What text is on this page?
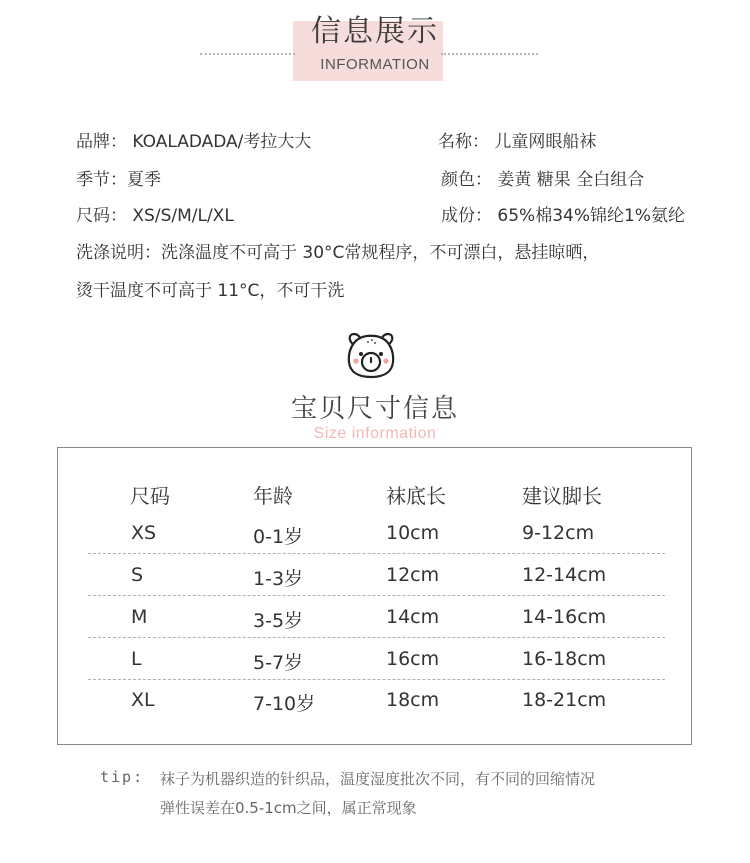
信息展示
INFORMATION
品牌： KOALADADA/考拉大大	名称： 儿童网眼船袜
季节：夏季	颜色： 姜黄 糖果 全白组合
尺码： XS/S/M/L/XL	成份： 65%棉34%锦纶1%氨纶
洗涤说明：洗涤温度不可高于 30°C常规程序，不可漂白，悬挂晾晒，
烫干温度不可高于 11°C，不可干洗
宝贝尺寸信息
Size information
尺码	年龄	袜底长	建议脚长
XS	0-1岁	10cm	9-12cm
S	1-3岁	12cm	12-14cm
M	3-5岁	14cm	14-16cm
L	5-7岁	16cm	16-18cm
XL	7-10岁	18cm	18-21cm
tip: 袜子为机器织造的针织品，温度湿度批次不同，有不同的回缩情况
弹性误差在0.5-1cm之间，属正常现象
